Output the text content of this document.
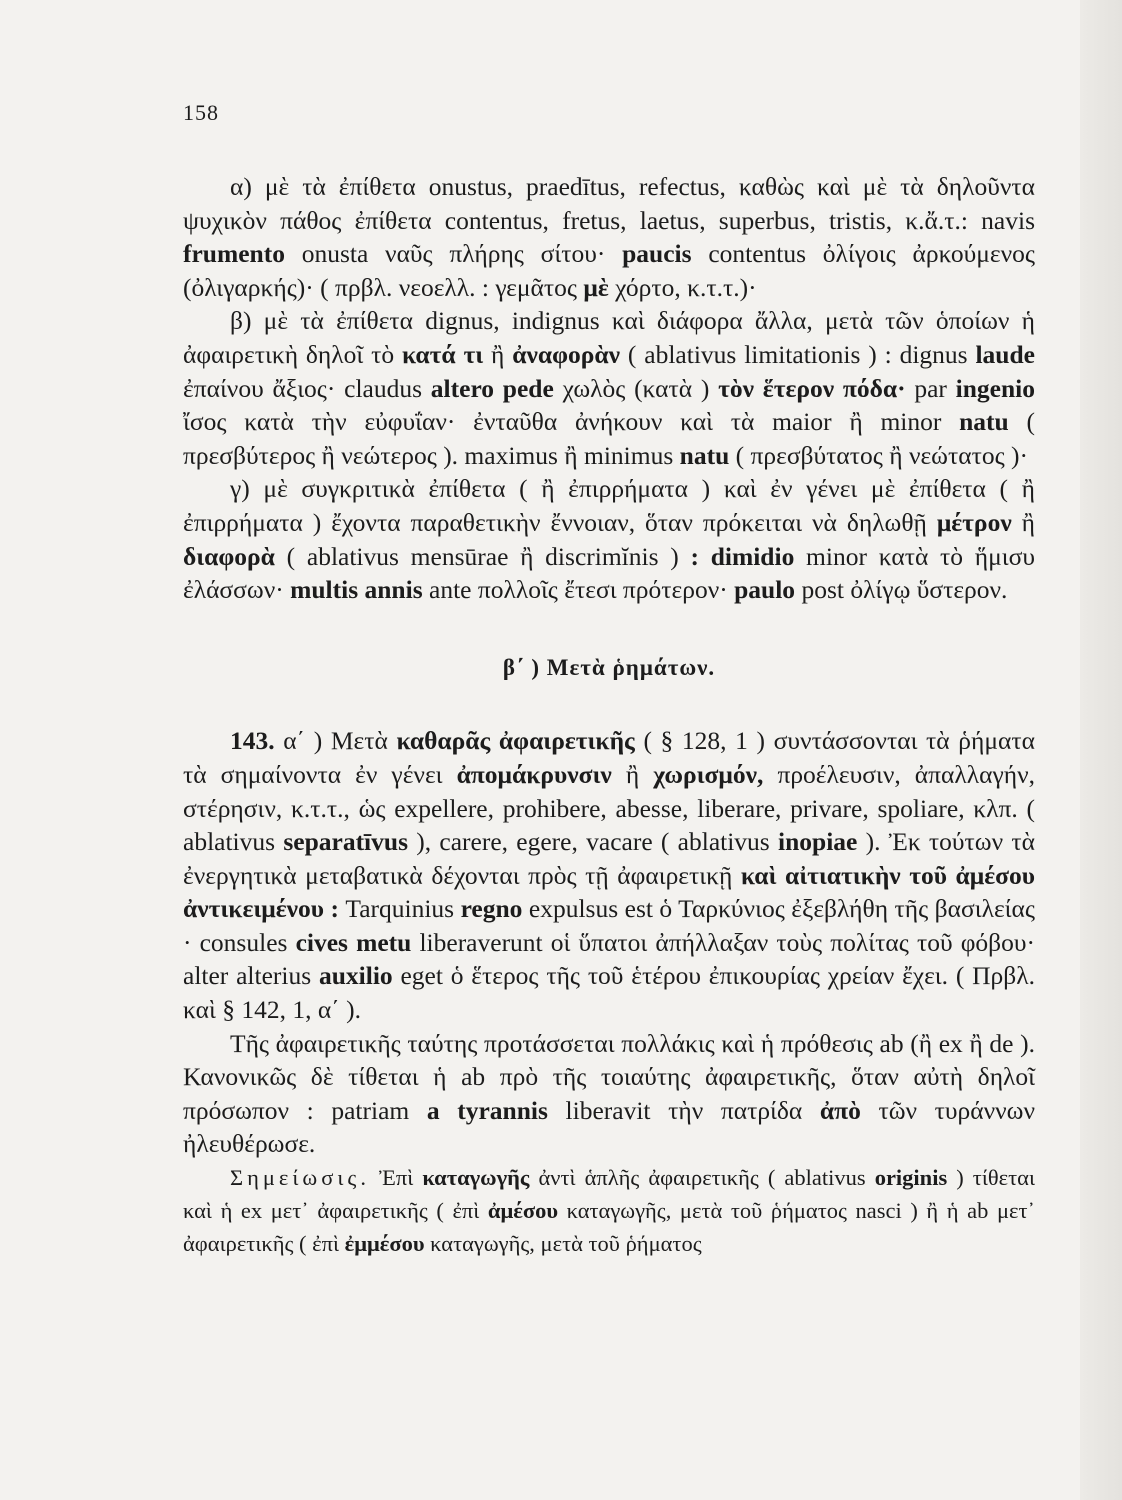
158

α) μὲ τὰ ἐπίθετα onustus, praedītus, refectus, καθὼς καὶ μὲ τὰ δηλοῦντα ψυχικὸν πάθος ἐπίθετα contentus, fretus, laetus, superbus, tristis, κ.ἄ.τ.: navis frumento onusta ναῦς πλήρης σίτου· paucis contentus ὀλίγοις ἀρκούμενος (ὀλιγαρκής)· ( πρβλ. νεοελλ. : γεμᾶτος μὲ χόρτο, κ.τ.τ.)·

β) μὲ τὰ ἐπίθετα dignus, indignus καὶ διάφορα ἄλλα, μετὰ τῶν ὁποίων ἡ ἀφαιρετικὴ δηλοῖ τὸ κατά τι ἢ ἀναφορὰν ( ablativus limitationis ) : dignus laude ἐπαίνου ἄξιος· claudus altero pede χωλὸς (κατὰ ) τὸν ἕτερον πόδα· par ingenio ἴσος κατὰ τὴν εὐφυΐαν· ἐνταῦθα ἀνήκουν καὶ τὰ maior ἢ minor natu ( πρεσβύτερος ἢ νεώτερος ). maximus ἢ minimus natu ( πρεσβύτατος ἢ νεώτατος )·

γ) μὲ συγκριτικὰ ἐπίθετα ( ἢ ἐπιρρήματα ) καὶ ἐν γένει μὲ ἐπίθετα ( ἢ ἐπιρρήματα ) ἔχοντα παραθετικὴν ἔννοιαν, ὅταν πρόκειται νὰ δηλωθῇ μέτρον ἢ διαφορὰ ( ablativus mensūrae ἢ discrimĭnis ) : dimidio minor κατὰ τὸ ἥμισυ ἐλάσσων· multis annis ante πολλοῖς ἔτεσι πρότερον· paulo post ὀλίγῳ ὕστερον.

β΄ ) Μετὰ ῥημάτων.

143. α΄ ) Μετὰ καθαρᾶς ἀφαιρετικῆς ( § 128, 1 ) συντάσσονται τὰ ῥήματα τὰ σημαίνοντα ἐν γένει ἀπομάκρυνσιν ἢ χωρισμόν, προέλευσιν, ἀπαλλαγήν, στέρησιν, κ.τ.τ., ὡς expellere, prohibere, abesse, liberare, privare, spoliare, κλπ. ( ablativus separatīvus ), carere, egere, vacare ( ablativus inopiae ). Ἐκ τούτων τὰ ἐνεργητικὰ μεταβατικὰ δέχονται πρὸς τῇ ἀφαιρετικῇ καὶ αἰτιατικὴν τοῦ ἀμέσου ἀντικειμένου : Tarquinius regno expulsus est ὁ Ταρκύνιος ἐξεβλήθη τῆς βασιλείας · consules cives metu liberaverunt οἱ ὕπατοι ἀπήλλαξαν τοὺς πολίτας τοῦ φόβου· alter alterius auxilio eget ὁ ἕτερος τῆς τοῦ ἑτέρου ἐπικουρίας χρείαν ἔχει. ( Πρβλ. καὶ § 142, 1, α΄ ).

Τῆς ἀφαιρετικῆς ταύτης προτάσσεται πολλάκις καὶ ἡ πρόθεσις ab (ἢ ex ἢ de ). Κανονικῶς δὲ τίθεται ἡ ab πρὸ τῆς τοιαύτης ἀφαιρετικῆς, ὅταν αὐτὴ δηλοῖ πρόσωπον : patriam a tyrannis liberavit τὴν πατρίδα ἀπὸ τῶν τυράννων ἠλευθέρωσε.

Σημείωσις. Ἐπὶ καταγωγῆς ἀντὶ ἁπλῆς ἀφαιρετικῆς ( ablativus originis ) τίθεται καὶ ἡ ex μετ᾽ ἀφαιρετικῆς ( ἐπὶ ἀμέσου καταγωγῆς, μετὰ τοῦ ῥήματος nasci ) ἢ ἡ ab μετ᾽ ἀφαιρετικῆς ( ἐπὶ ἐμμέσου καταγωγῆς, μετὰ τοῦ ῥήματος
